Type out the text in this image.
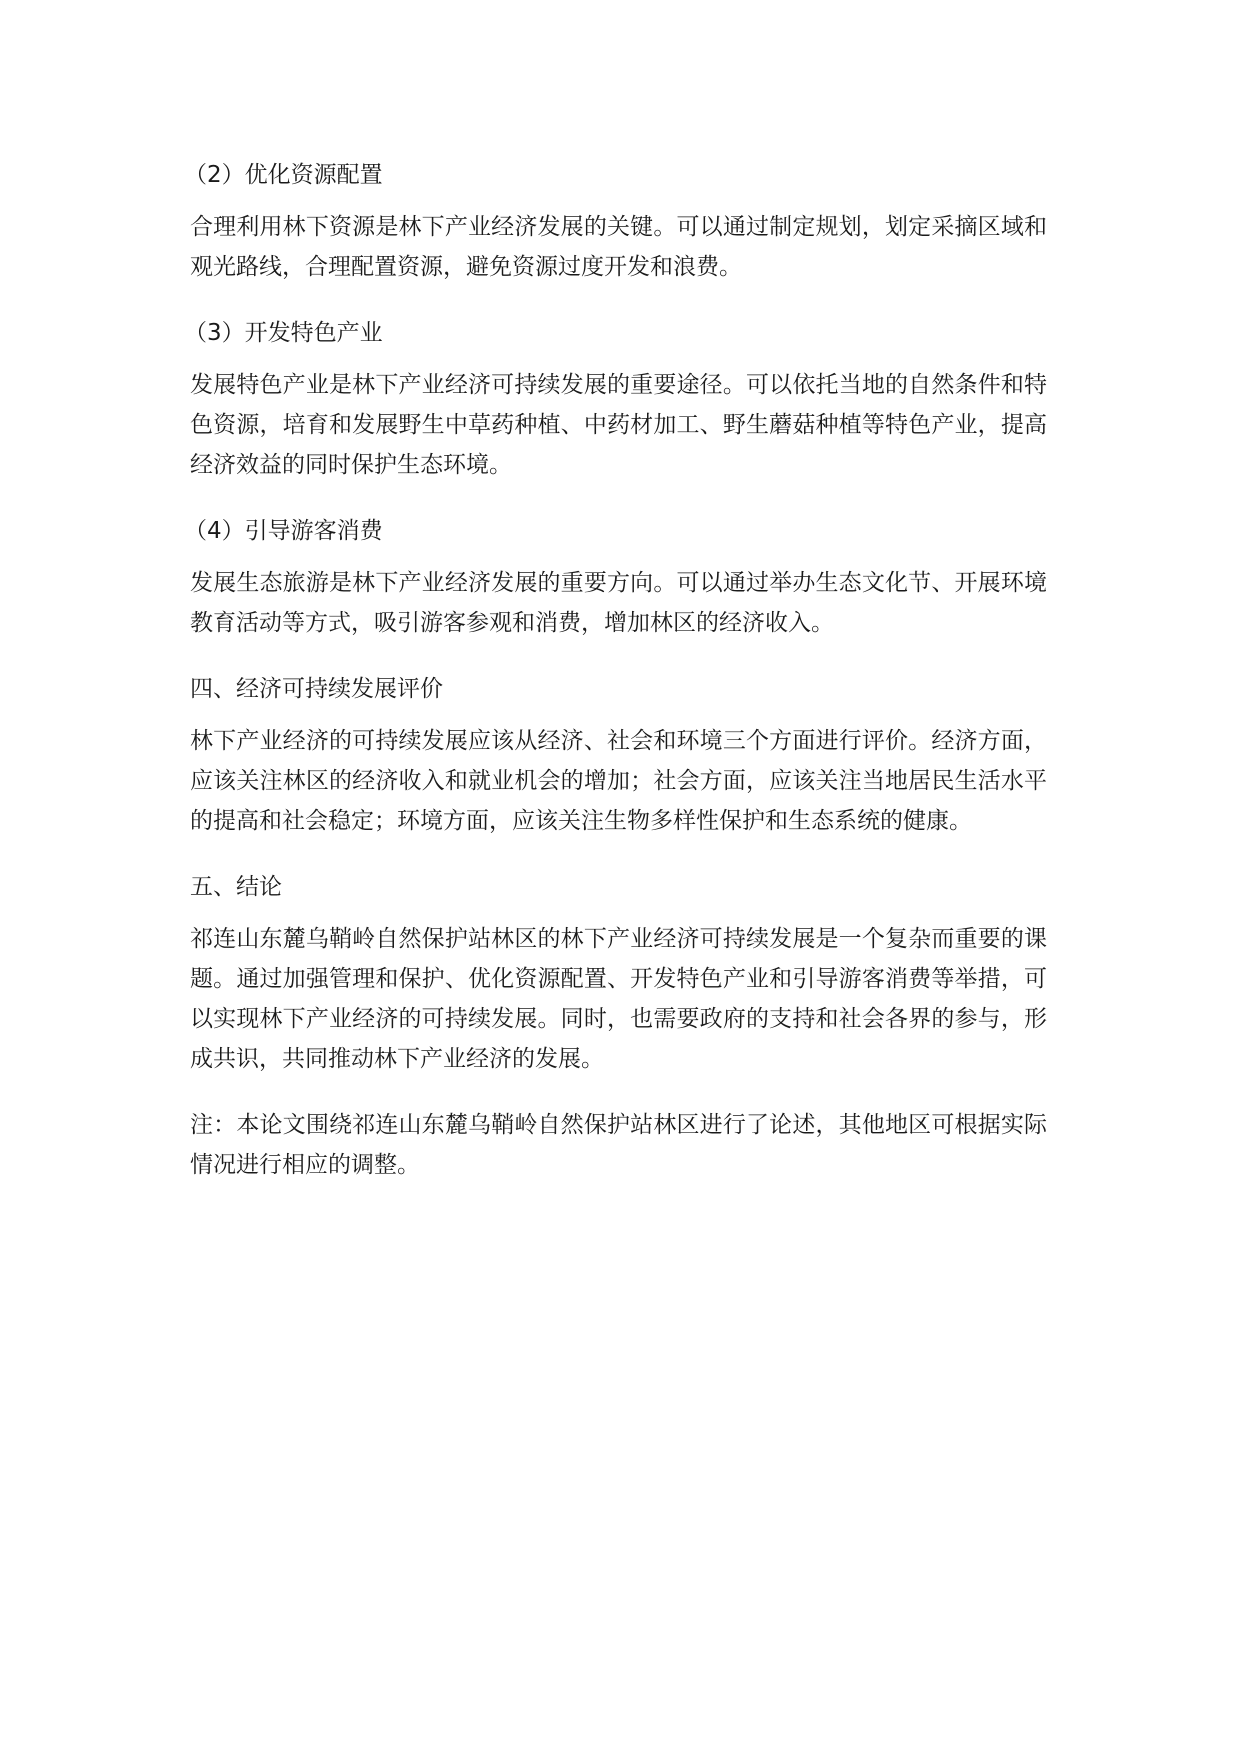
（2）优化资源配置

合理利用林下资源是林下产业经济发展的关键。可以通过制定规划，划定采摘区域和观光路线，合理配置资源，避免资源过度开发和浪费。

（3）开发特色产业

发展特色产业是林下产业经济可持续发展的重要途径。可以依托当地的自然条件和特色资源，培育和发展野生中草药种植、中药材加工、野生蘑菇种植等特色产业，提高经济效益的同时保护生态环境。

（4）引导游客消费

发展生态旅游是林下产业经济发展的重要方向。可以通过举办生态文化节、开展环境教育活动等方式，吸引游客参观和消费，增加林区的经济收入。

四、经济可持续发展评价

林下产业经济的可持续发展应该从经济、社会和环境三个方面进行评价。经济方面，应该关注林区的经济收入和就业机会的增加；社会方面，应该关注当地居民生活水平的提高和社会稳定；环境方面，应该关注生物多样性保护和生态系统的健康。

五、结论

祁连山东麓乌鞘岭自然保护站林区的林下产业经济可持续发展是一个复杂而重要的课题。通过加强管理和保护、优化资源配置、开发特色产业和引导游客消费等举措，可以实现林下产业经济的可持续发展。同时，也需要政府的支持和社会各界的参与，形成共识，共同推动林下产业经济的发展。

注：本论文围绕祁连山东麓乌鞘岭自然保护站林区进行了论述，其他地区可根据实际情况进行相应的调整。
